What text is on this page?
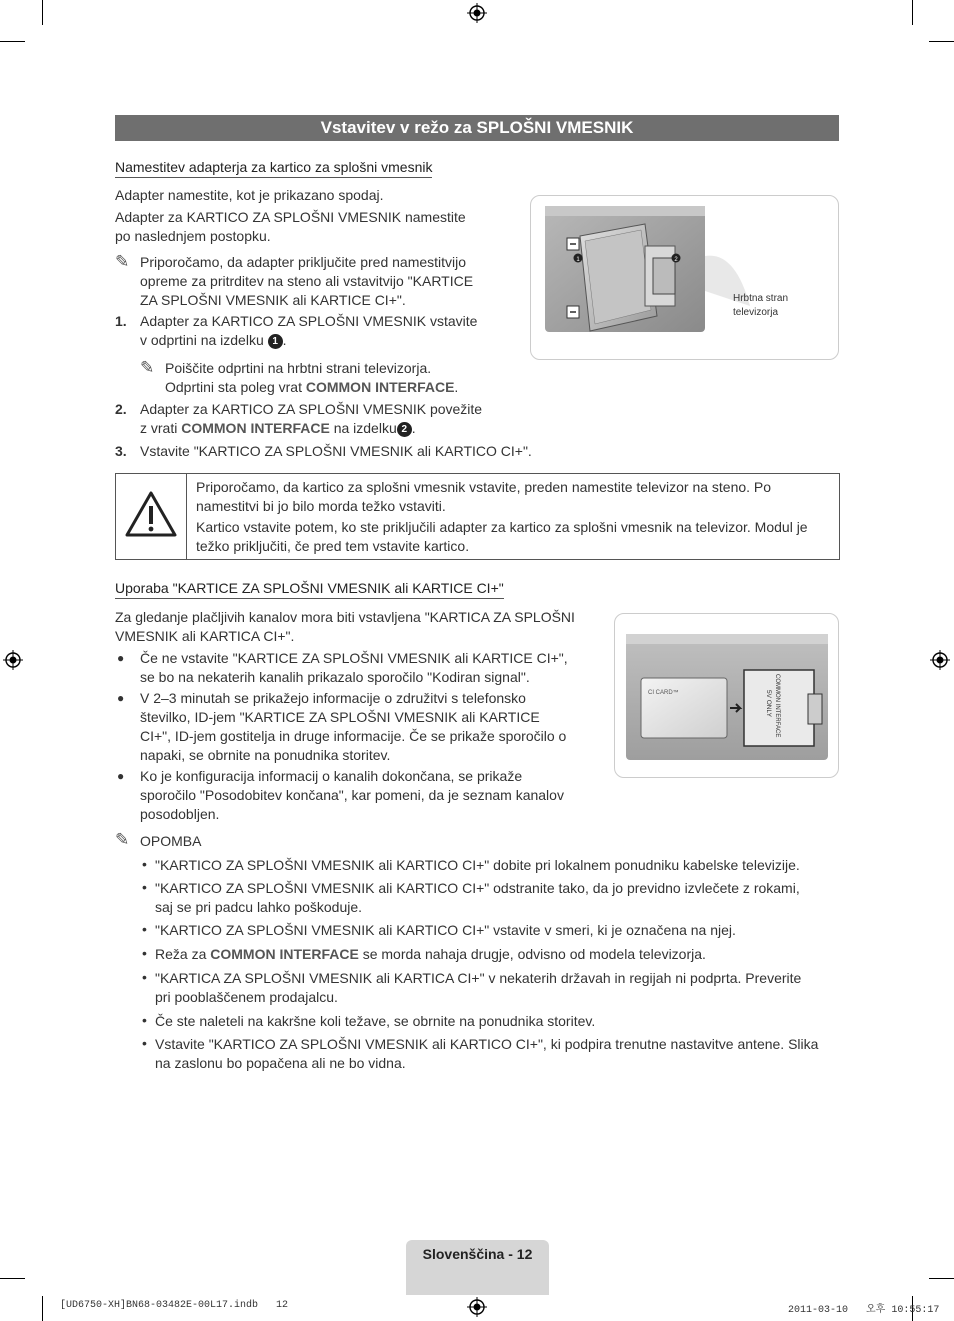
Vstavitev v režo za SPLOŠNI VMESNIK
Namestitev adapterja za kartico za splošni vmesnik
Adapter namestite, kot je prikazano spodaj.
Adapter za KARTICO ZA SPLOŠNI VMESNIK namestite
po naslednjem postopku.
✎ Priporočamo, da adapter priključite pred namestitvijo
opreme za pritrditev na steno ali vstavitvijo "KARTICE
ZA SPLOŠNI VMESNIK ali KARTICE CI+".
1. Adapter za KARTICO ZA SPLOŠNI VMESNIK vstavite
v odprtini na izdelku 1 .
✎ Poiščite odprtini na hrbtni strani televizorja.
Odprtini sta poleg vrat COMMON INTERFACE.
2. Adapter za KARTICO ZA SPLOŠNI VMESNIK povežite
z vrati COMMON INTERFACE na izdelku 2 .
3. Vstavite "KARTICO ZA SPLOŠNI VMESNIK ali KARTICO CI+".
1	2
Hrbtna stran
televizorja
Priporočamo, da kartico za splošni vmesnik vstavite, preden namestite televizor na steno. Po
namestitvi bi jo bilo morda težko vstaviti.
Kartico vstavite potem, ko ste priključili adapter za kartico za splošni vmesnik na televizor. Modul je
težko priključiti, če pred tem vstavite kartico.
Uporaba "KARTICE ZA SPLOŠNI VMESNIK ali KARTICE CI+"
Za gledanje plačljivih kanalov mora biti vstavljena "KARTICA ZA SPLOŠNI
VMESNIK ali KARTICA CI+".
● Če ne vstavite "KARTICE ZA SPLOŠNI VMESNIK ali KARTICE CI+",
se bo na nekaterih kanalih prikazalo sporočilo "Kodiran signal".
● V 2–3 minutah se prikažejo informacije o združitvi s telefonsko
številko, ID-jem "KARTICE ZA SPLOŠNI VMESNIK ali KARTICE
CI+", ID-jem gostitelja in druge informacije. Če se prikaže sporočilo o
napaki, se obrnite na ponudnika storitev.
● Ko je konfiguracija informacij o kanalih dokončana, se prikaže
sporočilo "Posodobitev končana", kar pomeni, da je seznam kanalov
posodobljen.
CI CARD™	COMMON INTERFACE
5V ONLY
✎ OPOMBA
• "KARTICO ZA SPLOŠNI VMESNIK ali KARTICO CI+" dobite pri lokalnem ponudniku kabelske televizije.
• "KARTICO ZA SPLOŠNI VMESNIK ali KARTICO CI+" odstranite tako, da jo previdno izvlečete z rokami,
saj se pri padcu lahko poškoduje.
• "KARTICO ZA SPLOŠNI VMESNIK ali KARTICO CI+" vstavite v smeri, ki je označena na njej.
• Reža za COMMON INTERFACE se morda nahaja drugje, odvisno od modela televizorja.
• "KARTICA ZA SPLOŠNI VMESNIK ali KARTICA CI+" v nekaterih državah in regijah ni podprta. Preverite
pri pooblaščenem prodajalcu.
• Če ste naleteli na kakršne koli težave, se obrnite na ponudnika storitev.
• Vstavite "KARTICO ZA SPLOŠNI VMESNIK ali KARTICO CI+", ki podpira trenutne nastavitve antene. Slika
na zaslonu bo popačena ali ne bo vidna.
Slovenščina - 12
[UD6750-XH]BN68-03482E-00L17.indb   12	2011-03-10   오후 10:55:17
